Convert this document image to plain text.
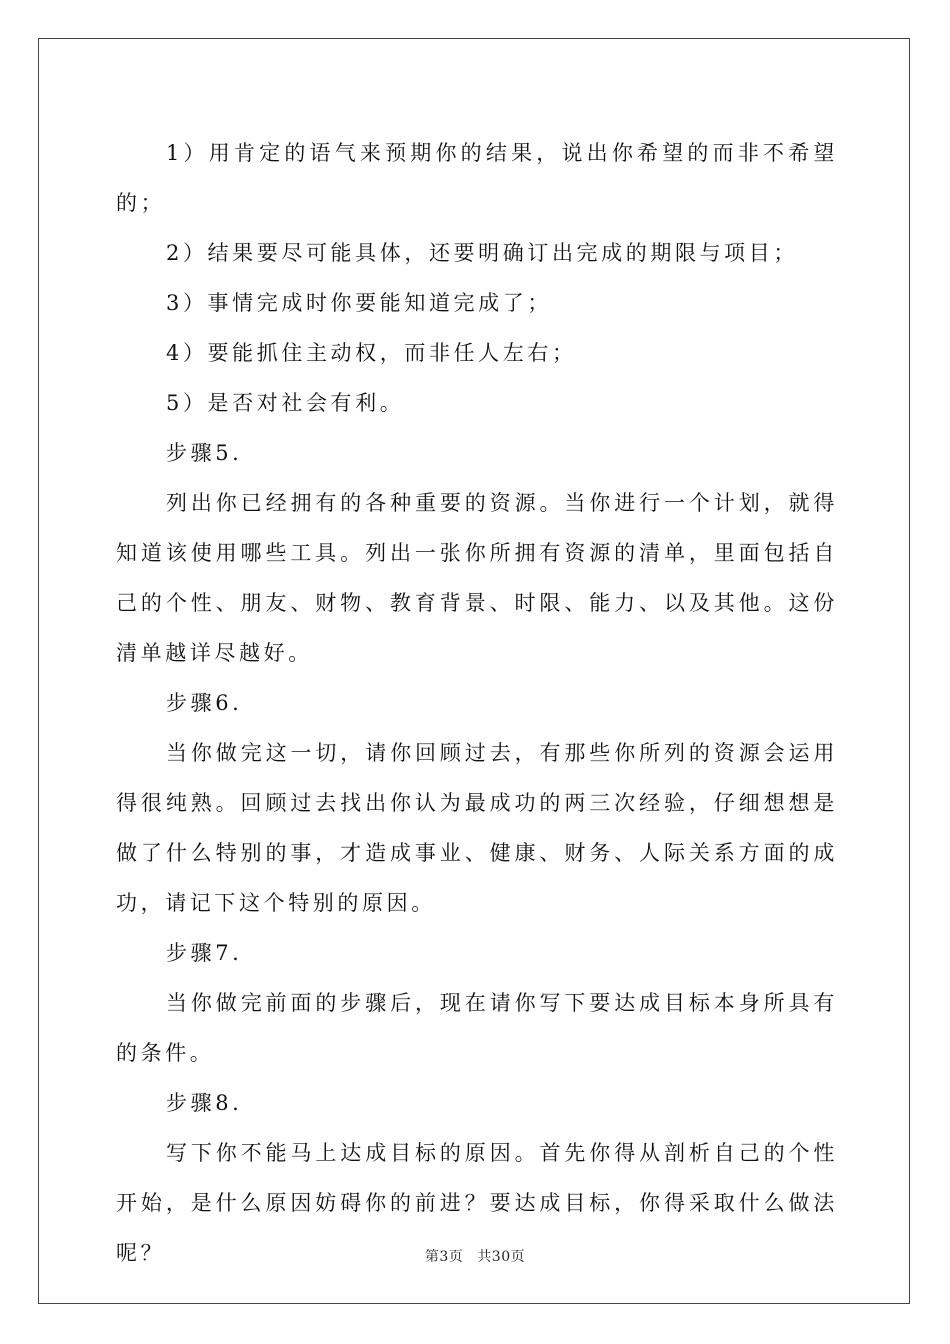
1）用肯定的语气来预期你的结果，说出你希望的而非不希望的；

2）结果要尽可能具体，还要明确订出完成的期限与项目；

3）事情完成时你要能知道完成了；

4）要能抓住主动权，而非任人左右；

5）是否对社会有利。

步骤5.

列出你已经拥有的各种重要的资源。当你进行一个计划，就得知道该使用哪些工具。列出一张你所拥有资源的清单，里面包括自己的个性、朋友、财物、教育背景、时限、能力、以及其他。这份清单越详尽越好。

步骤6.

当你做完这一切，请你回顾过去，有那些你所列的资源会运用得很纯熟。回顾过去找出你认为最成功的两三次经验，仔细想想是做了什么特别的事，才造成事业、健康、财务、人际关系方面的成功，请记下这个特别的原因。

步骤7.

当你做完前面的步骤后，现在请你写下要达成目标本身所具有的条件。

步骤8.

写下你不能马上达成目标的原因。首先你得从剖析自己的个性开始，是什么原因妨碍你的前进？要达成目标，你得采取什么做法呢？	第3页 共30页
